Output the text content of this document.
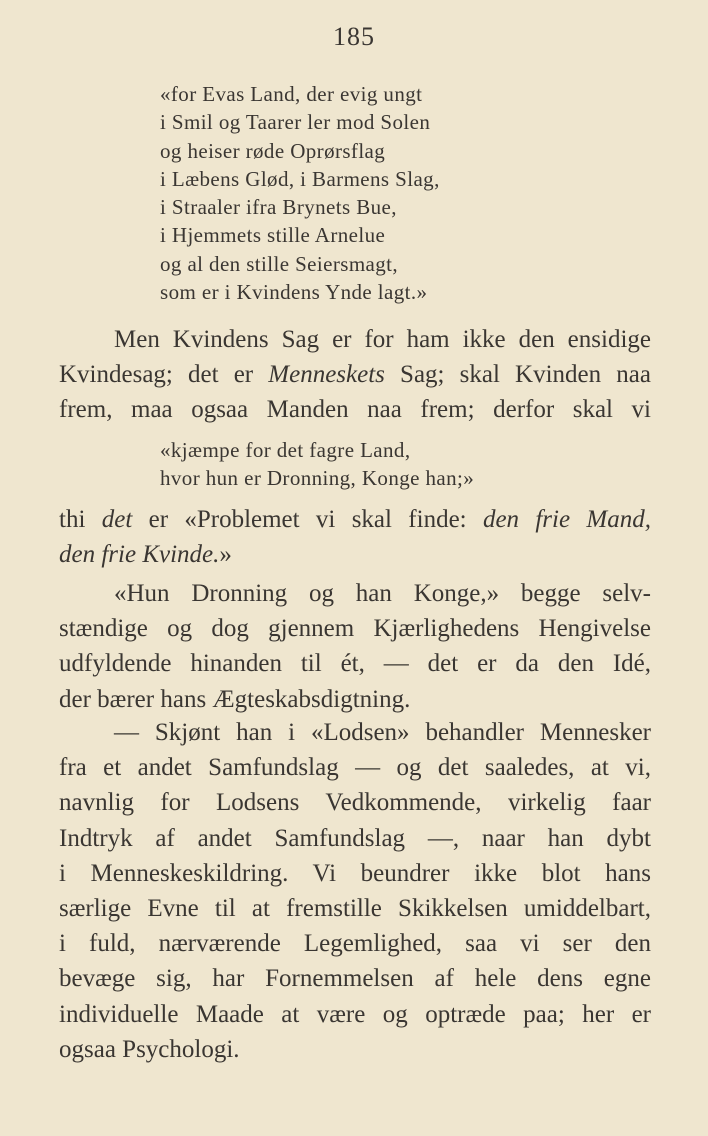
185
«for Evas Land, der evig ungt
i Smil og Taarer ler mod Solen
og heiser røde Oprørsflag
i Læbens Glød, i Barmens Slag,
i Straaler ifra Brynets Bue,
i Hjemmets stille Arnelue
og al den stille Seiersmagt,
som er i Kvindens Ynde lagt.»
Men Kvindens Sag er for ham ikke den ensidige
Kvindesag; det er Menneskets Sag; skal Kvinden naa
frem, maa ogsaa Manden naa frem; derfor skal vi
«kjæmpe for det fagre Land,
hvor hun er Dronning, Konge han;»
thi det er «Problemet vi skal finde: den frie Mand,
den frie Kvinde.»
«Hun Dronning og han Konge,» begge selv-
stændige og dog gjennem Kjærlighedens Hengivelse
udfyldende hinanden til ét, — det er da den Idé,
der bærer hans Ægteskabsdigtning.
— Skjønt han i «Lodsen» behandler Mennesker
fra et andet Samfundslag — og det saaledes, at vi,
navnlig for Lodsens Vedkommende, virkelig faar
Indtryk af andet Samfundslag —, naar han dybt
i Menneskeskildring. Vi beundrer ikke blot hans
særlige Evne til at fremstille Skikkelsen umiddelbart,
i fuld, nærværende Legemlighed, saa vi ser den
bevæge sig, har Fornemmelsen af hele dens egne
individuelle Maade at være og optræde paa; her er
ogsaa Psychologi.
